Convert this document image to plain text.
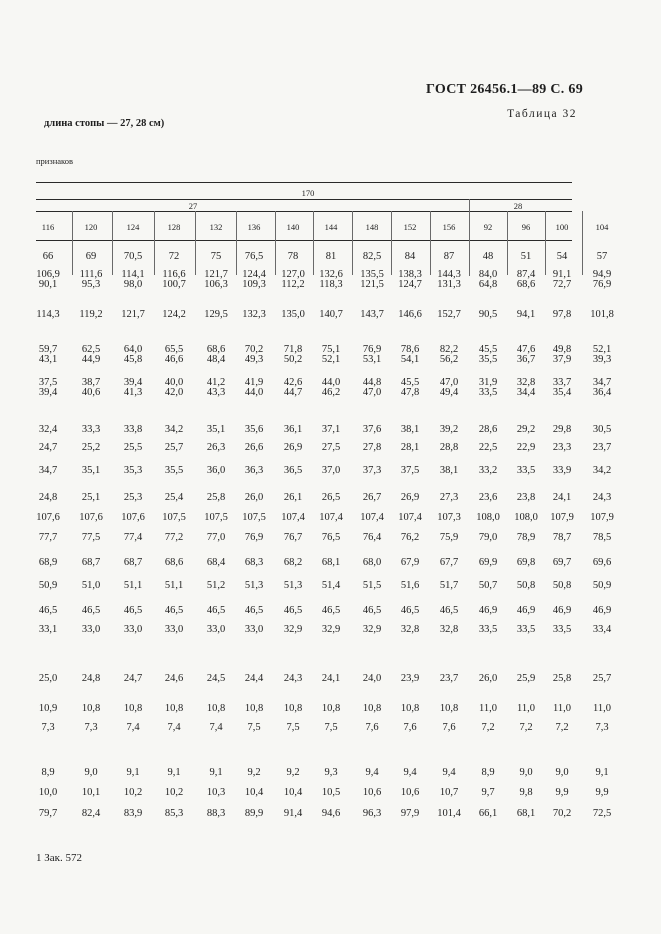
ГОСТ 26456.1—89 С. 69
Таблица 32
длина стопы — 27, 28 см)
признаков
170
27	28
116	120	124	128	132	136	140	144	148	152	156	92	96	100	104
66	69	70,5	72	75 76,5 78	81	82,5 84	87	48	51 54	57
106,9 111,6 114,1 116,6 121,7 124,4 127,0 132,6 135,5 138,3 144,3 84,0 87,4 91,1 94,9
90,1 95,3 98,0 100,7 106,3 109,3 112,2 118,3 121,5 124,7 131,3 64,8 68,6 72,7 76,9
114,3 119,2 121,7 124,2 129,5 132,3 135,0 140,7 143,7 146,6 152,7 90,5 94,1 97,8 101,8
59,7 62,5 64,0 65,5 68,6 70,2 71,8 75,1 76,9 78,6 82,2 45,5 47,6 49,8 52,1
43,1 44,9 45,8 46,6 48,4 49,3 50,2 52,1 53,1 54,1 56,2 35,5 36,7 37,9 39,3
37,5 38,7 39,4 40,0 41,2 41,9 42,6 44,0 44,8 45,5 47,0 31,9 32,8 33,7 34,7
39,4 40,6 41,3 42,0 43,3 44,0 44,7 46,2 47,0 47,8 49,4 33,5 34,4 35,4 36,4
32,4 33,3 33,8 34,2 35,1 35,6 36,1 37,1 37,6 38,1 39,2 28,6 29,2 29,8 30,5
24,7 25,2 25,5 25,7 26,3 26,6 26,9 27,5 27,8 28,1 28,8 22,5 22,9 23,3 23,7
34,7 35,1 35,3 35,5 36,0 36,3 36,5 37,0 37,3 37,5 38,1 33,2 33,5 33,9 34,2
24,8 25,1 25,3 25,4 25,8 26,0 26,1 26,5 26,7 26,9 27,3 23,6 23,8 24,1 24,3
107,6 107,6 107,6 107,5 107,5 107,5 107,4 107,4 107,4 107,4 107,3 108,0 108,0 107,9 107,9
77,7 77,5 77,4 77,2 77,0 76,9 76,7 76,5 76,4 76,2 75,9 79,0 78,9 78,7 78,5
68,9 68,7 68,7 68,6 68,4 68,3 68,2 68,1 68,0 67,9 67,7 69,9 69,8 69,7 69,6
50,9 51,0 51,1 51,1 51,2 51,3 51,3 51,4 51,5 51,6 51,7 50,7 50,8 50,8 50,9
46,5 46,5 46,5 46,5 46,5 46,5 46,5 46,5 46,5 46,5 46,5 46,9 46,9 46,9 46,9
33,1 33,0 33,0 33,0 33,0 33,0 32,9 32,9 32,9 32,8 32,8 33,5 33,5 33,5 33,4
25,0 24,8 24,7 24,6 24,5 24,4 24,3 24,1 24,0 23,9 23,7 26,0 25,9 25,8 25,7
10,9 10,8 10,8 10,8 10,8 10,8 10,8 10,8 10,8 10,8 10,8 11,0 11,0 11,0 11,0
7,3	7,3	7,4	7,4	7,4 7,5 7,5 7,5	7,6 7,6 7,6 7,2 7,2 7,2	7,3
8,9	9,0	9,1	9,1	9,1 9,2 9,2 9,3	9,4 9,4 9,4 8,9 9,0 9,0	9,1
10,0 10,1 10,2 10,2 10,3 10,4 10,4 10,5 10,6 10,6 10,7 9,7 9,8 9,9	9,9
79,7 82,4 83,9 85,3 88,3 89,9 91,4 94,6 96,3 97,9 101,4 66,1 68,1 70,2 72,5
1 Зак. 572
